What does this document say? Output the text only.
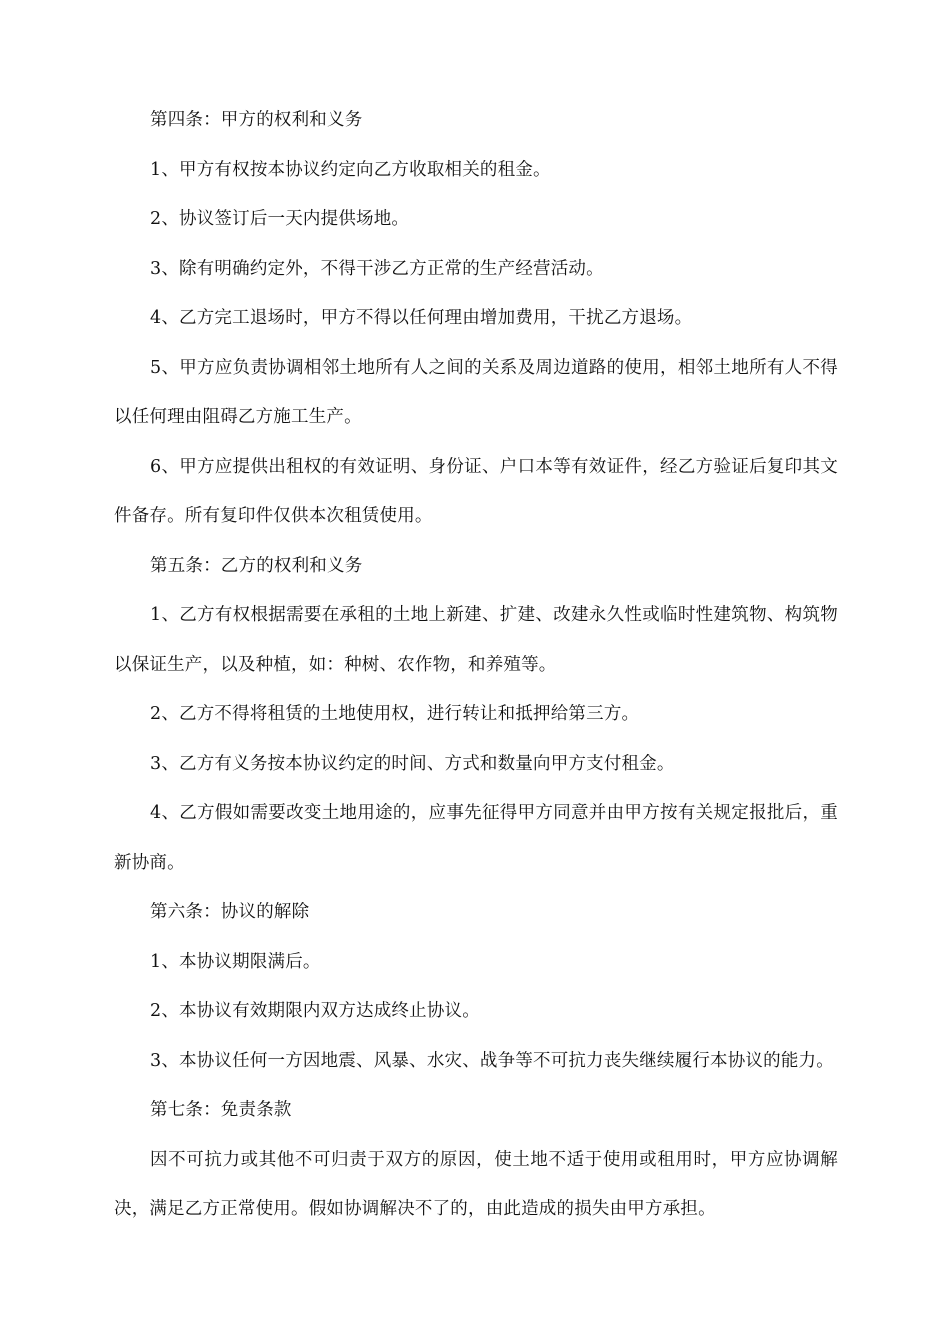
第四条：甲方的权利和义务

1、甲方有权按本协议约定向乙方收取相关的租金。

2、协议签订后一天内提供场地。

3、除有明确约定外，不得干涉乙方正常的生产经营活动。

4、乙方完工退场时，甲方不得以任何理由增加费用，干扰乙方退场。

5、甲方应负责协调相邻土地所有人之间的关系及周边道路的使用，相邻土地所有人不得以任何理由阻碍乙方施工生产。

6、甲方应提供出租权的有效证明、身份证、户口本等有效证件，经乙方验证后复印其文件备存。所有复印件仅供本次租赁使用。

第五条：乙方的权利和义务

1、乙方有权根据需要在承租的土地上新建、扩建、改建永久性或临时性建筑物、构筑物以保证生产，以及种植，如：种树、农作物，和养殖等。

2、乙方不得将租赁的土地使用权，进行转让和抵押给第三方。

3、乙方有义务按本协议约定的时间、方式和数量向甲方支付租金。

4、乙方假如需要改变土地用途的，应事先征得甲方同意并由甲方按有关规定报批后，重新协商。

第六条：协议的解除

1、本协议期限满后。

2、本协议有效期限内双方达成终止协议。

3、本协议任何一方因地震、风暴、水灾、战争等不可抗力丧失继续履行本协议的能力。

第七条：免责条款

因不可抗力或其他不可归责于双方的原因，使土地不适于使用或租用时，甲方应协调解决，满足乙方正常使用。假如协调解决不了的，由此造成的损失由甲方承担。
